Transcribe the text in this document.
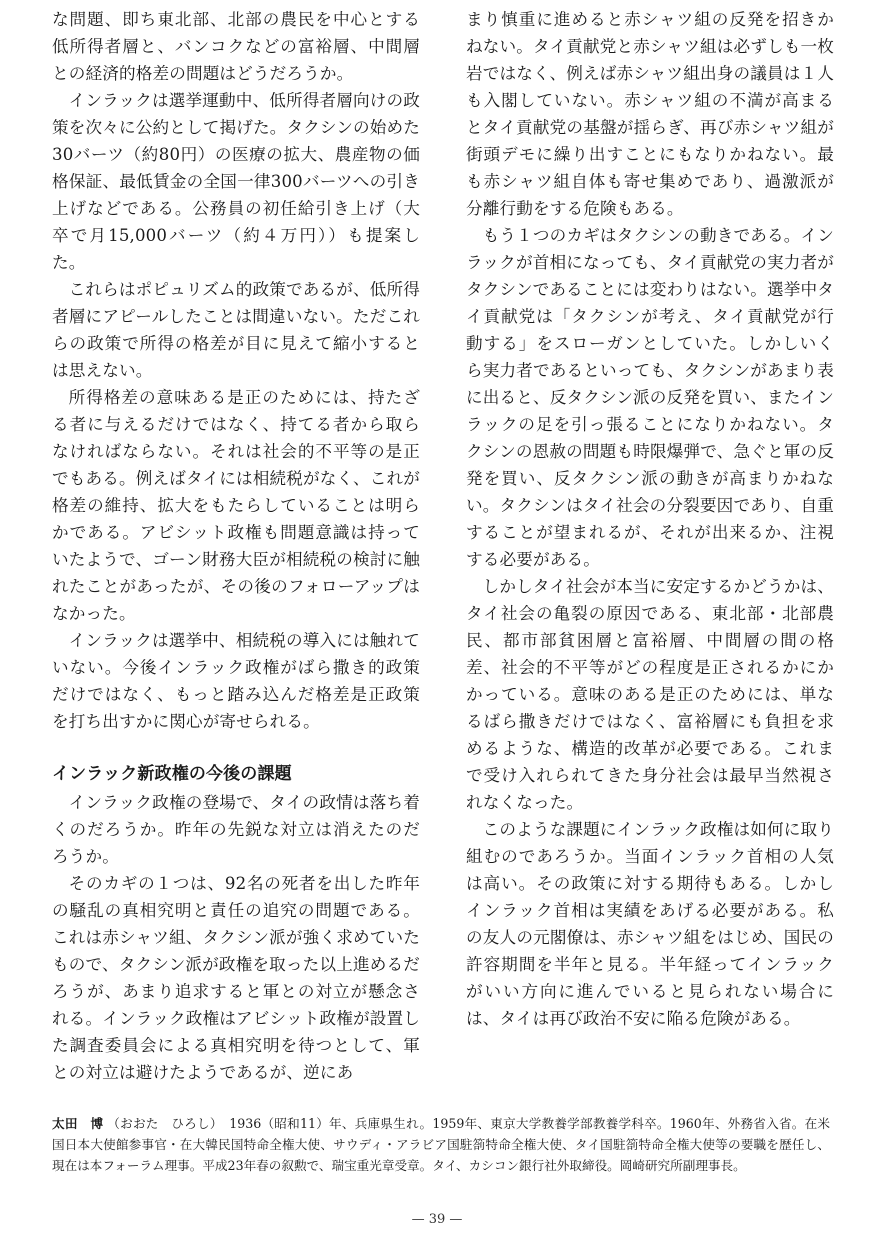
な問題、即ち東北部、北部の農民を中心とする低所得者層と、バンコクなどの富裕層、中間層との経済的格差の問題はどうだろうか。

インラックは選挙運動中、低所得者層向けの政策を次々に公約として掲げた。タクシンの始めた30バーツ（約80円）の医療の拡大、農産物の価格保証、最低賃金の全国一律300バーツへの引き上げなどである。公務員の初任給引き上げ（大卒で月15,000バーツ（約４万円））も提案した。

これらはポピュリズム的政策であるが、低所得者層にアピールしたことは間違いない。ただこれらの政策で所得の格差が目に見えて縮小するとは思えない。

所得格差の意味ある是正のためには、持たざる者に与えるだけではなく、持てる者から取らなければならない。それは社会的不平等の是正でもある。例えばタイには相続税がなく、これが格差の維持、拡大をもたらしていることは明らかである。アビシット政権も問題意識は持っていたようで、ゴーン財務大臣が相続税の検討に触れたことがあったが、その後のフォローアップはなかった。

インラックは選挙中、相続税の導入には触れていない。今後インラック政権がばら撒き的政策だけではなく、もっと踏み込んだ格差是正政策を打ち出すかに関心が寄せられる。

インラック新政権の今後の課題

インラック政権の登場で、タイの政情は落ち着くのだろうか。昨年の先鋭な対立は消えたのだろうか。

そのカギの１つは、92名の死者を出した昨年の騒乱の真相究明と責任の追究の問題である。これは赤シャツ組、タクシン派が強く求めていたもので、タクシン派が政権を取った以上進めるだろうが、あまり追求すると軍との対立が懸念される。インラック政権はアビシット政権が設置した調査委員会による真相究明を待つとして、軍との対立は避けたようであるが、逆にあ

まり慎重に進めると赤シャツ組の反発を招きかねない。タイ貢献党と赤シャツ組は必ずしも一枚岩ではなく、例えば赤シャツ組出身の議員は１人も入閣していない。赤シャツ組の不満が高まるとタイ貢献党の基盤が揺らぎ、再び赤シャツ組が街頭デモに繰り出すことにもなりかねない。最も赤シャツ組自体も寄せ集めであり、過激派が分離行動をする危険もある。

もう１つのカギはタクシンの動きである。インラックが首相になっても、タイ貢献党の実力者がタクシンであることには変わりはない。選挙中タイ貢献党は「タクシンが考え、タイ貢献党が行動する」をスローガンとしていた。しかしいくら実力者であるといっても、タクシンがあまり表に出ると、反タクシン派の反発を買い、またインラックの足を引っ張ることになりかねない。タクシンの恩赦の問題も時限爆弾で、急ぐと軍の反発を買い、反タクシン派の動きが高まりかねない。タクシンはタイ社会の分裂要因であり、自重することが望まれるが、それが出来るか、注視する必要がある。

しかしタイ社会が本当に安定するかどうかは、タイ社会の亀裂の原因である、東北部・北部農民、都市部貧困層と富裕層、中間層の間の格差、社会的不平等がどの程度是正されるかにかかっている。意味のある是正のためには、単なるばら撒きだけではなく、富裕層にも負担を求めるような、構造的改革が必要である。これまで受け入れられてきた身分社会は最早当然視されなくなった。

このような課題にインラック政権は如何に取り組むのであろうか。当面インラック首相の人気は高い。その政策に対する期待もある。しかしインラック首相は実績をあげる必要がある。私の友人の元閣僚は、赤シャツ組をはじめ、国民の許容期間を半年と見る。半年経ってインラックがいい方向に進んでいると見られない場合には、タイは再び政治不安に陥る危険がある。

太田　博 （おおた　ひろし）　1936（昭和11）年、兵庫県生れ。1959年、東京大学教養学部教養学科卒。1960年、外務省入省。在米国日本大使館参事官・在大韓民国特命全権大使、サウディ・アラビア国駐箚特命全権大使、タイ国駐箚特命全権大使等の要職を歴任し、現在は本フォーラム理事。平成23年春の叙勲で、瑞宝重光章受章。タイ、カシコン銀行社外取締役。岡崎研究所副理事長。
— 39 —
